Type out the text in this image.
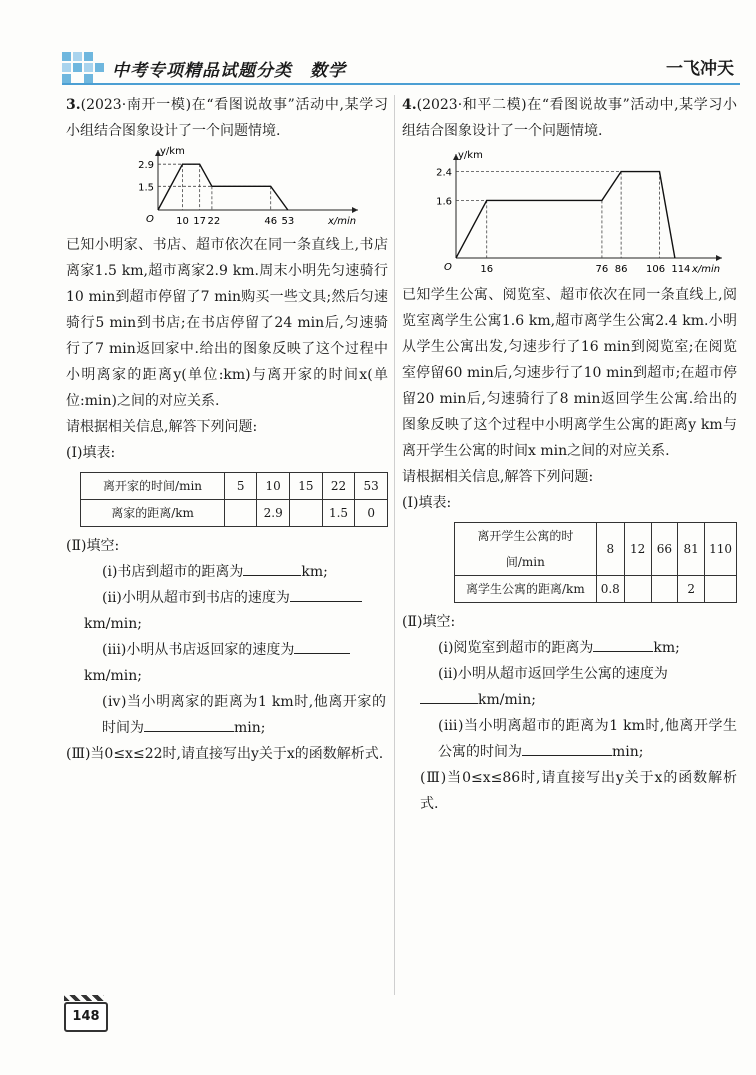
中考专项精品试题分类　数学	一飞冲天

3.(2023·南开一模)在“看图说故事”活动中,某学习小组结合图象设计了一个问题情境.

y/km
x/min
O
2.9
1.5
10 17 22	46 53

已知小明家、书店、超市依次在同一条直线上,书店离家1.5 km,超市离家2.9 km.周末小明先匀速骑行10 min到超市停留了7 min购买一些文具;然后匀速骑行5 min到书店;在书店停留了24 min后,匀速骑行了7 min返回家中.给出的图象反映了这个过程中小明离家的距离y(单位:km)与离开家的时间x(单位:min)之间的对应关系.

请根据相关信息,解答下列问题:

(Ⅰ)填表:

离开家的时间/min	5	10	15	22	53
离家的距离/km		2.9		1.5	0

(Ⅱ)填空:

(ⅰ)书店到超市的距离为	km;

(ⅱ)小明从超市到书店的速度为

km/min;

(ⅲ)小明从书店返回家的速度为

km/min;

(ⅳ)当小明离家的距离为1 km时,他离开家的时间为	min;

(Ⅲ)当0≤x≤22时,请直接写出y关于x的函数解析式.

4.(2023·和平二模)在“看图说故事”活动中,某学习小组结合图象设计了一个问题情境.

y/km
x/min
O
2.4
1.6
16	76 86 106 114

已知学生公寓、阅览室、超市依次在同一条直线上,阅览室离学生公寓1.6 km,超市离学生公寓2.4 km.小明从学生公寓出发,匀速步行了16 min到阅览室;在阅览室停留60 min后,匀速步行了10 min到超市;在超市停留20 min后,匀速骑行了8 min返回学生公寓.给出的图象反映了这个过程中小明离学生公寓的距离y km与离开学生公寓的时间x min之间的对应关系.

请根据相关信息,解答下列问题:

(Ⅰ)填表:

离开学生公寓的时间/min	8	12	66	81	110
离学生公寓的距离/km	0.8			2	

(Ⅱ)填空:

(ⅰ)阅览室到超市的距离为	km;

(ⅱ)小明从超市返回学生公寓的速度为

km/min;

(ⅲ)当小明离超市的距离为1 km时,他离开学生公寓的时间为	min;

(Ⅲ)当0≤x≤86时,请直接写出y关于x的函数解析式.

148
